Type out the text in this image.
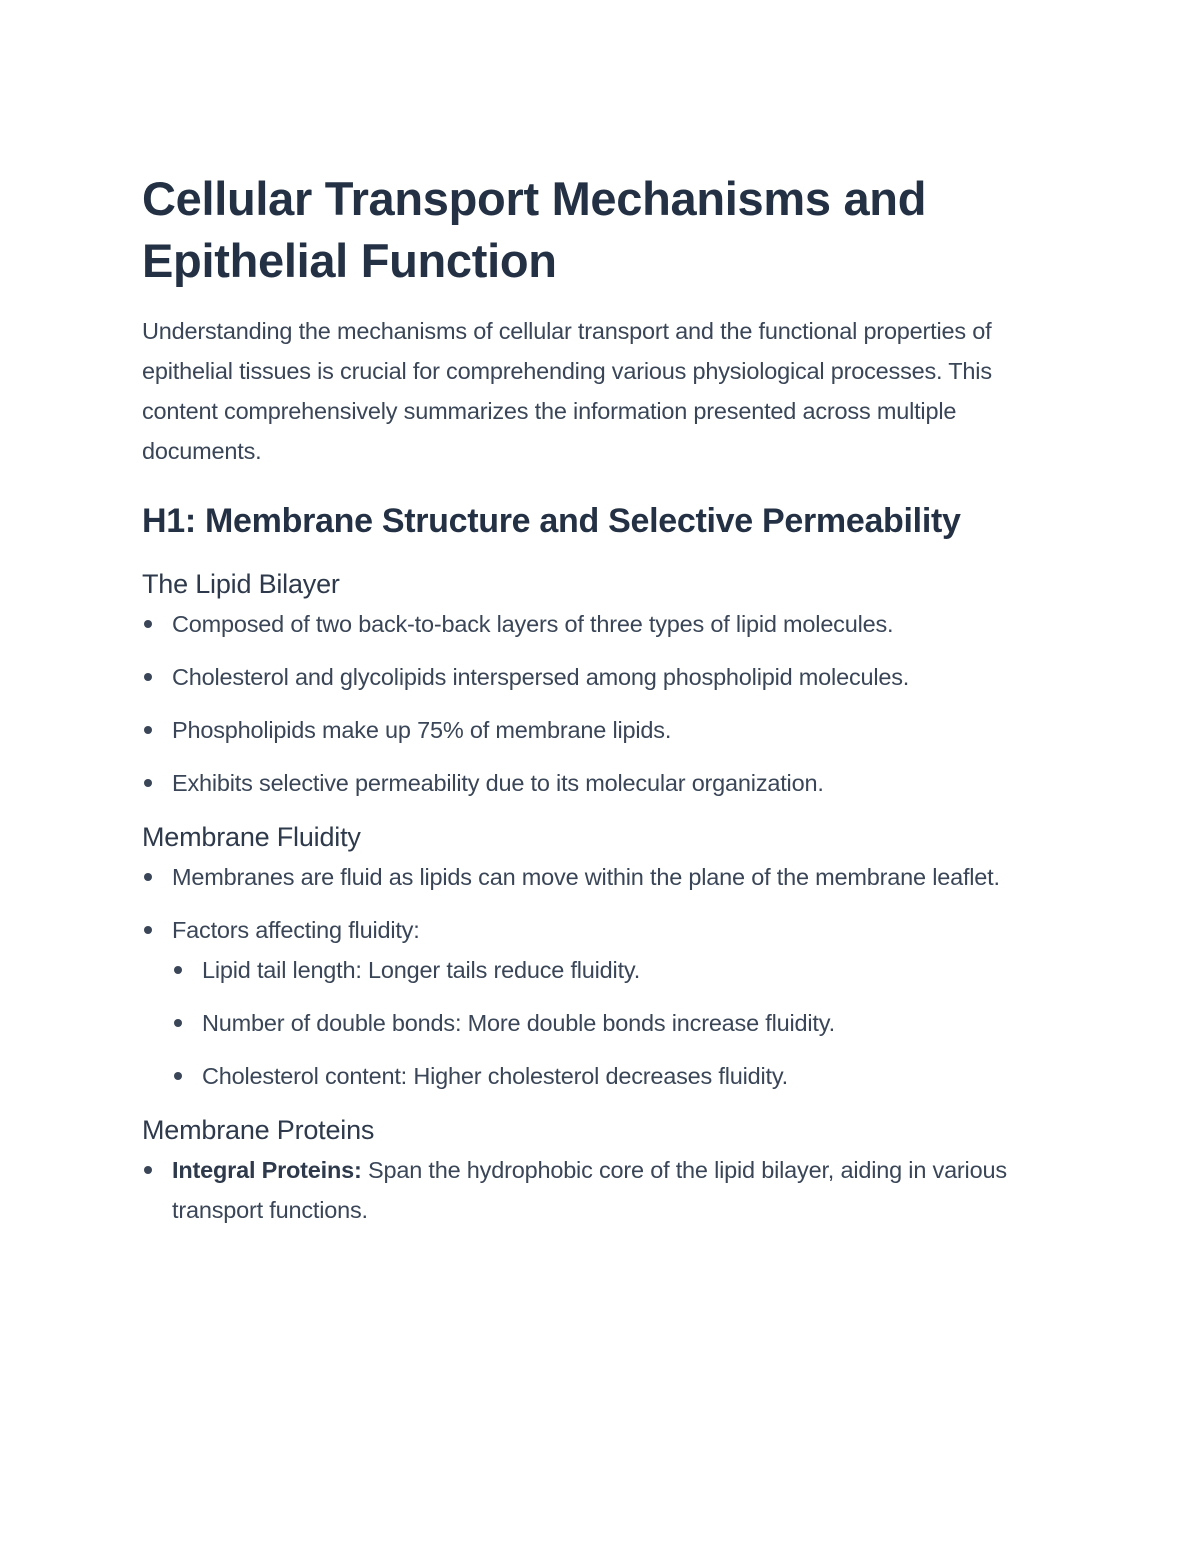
Cellular Transport Mechanisms and Epithelial Function

Understanding the mechanisms of cellular transport and the functional properties of epithelial tissues is crucial for comprehending various physiological processes. This content comprehensively summarizes the information presented across multiple documents.

H1: Membrane Structure and Selective Permeability
The Lipid Bilayer
Composed of two back-to-back layers of three types of lipid molecules.
Cholesterol and glycolipids interspersed among phospholipid molecules.
Phospholipids make up 75% of membrane lipids.
Exhibits selective permeability due to its molecular organization.
Membrane Fluidity
Membranes are fluid as lipids can move within the plane of the membrane leaflet.
Factors affecting fluidity:
Lipid tail length: Longer tails reduce fluidity.
Number of double bonds: More double bonds increase fluidity.
Cholesterol content: Higher cholesterol decreases fluidity.
Membrane Proteins
Integral Proteins: Span the hydrophobic core of the lipid bilayer, aiding in various transport functions.
